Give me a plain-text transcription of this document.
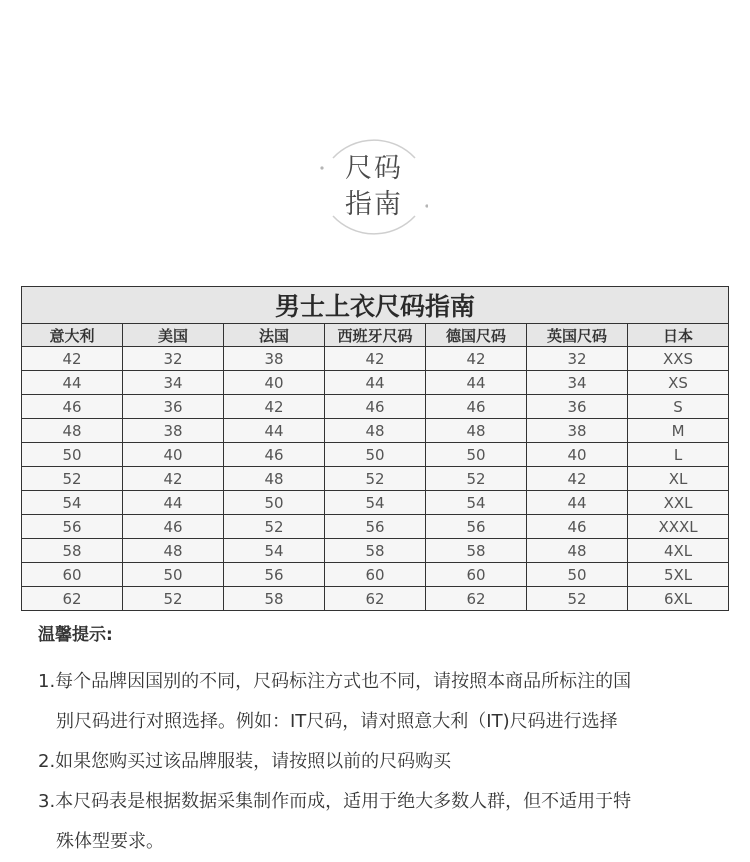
尺码
指南
男士上衣尺码指南						
意大利	美国	法国	西班牙尺码	德国尺码	英国尺码	日本
42	32	38	42	42	32	XXS
44	34	40	44	44	34	XS
46	36	42	46	46	36	S
48	38	44	48	48	38	M
50	40	46	50	50	40	L
52	42	48	52	52	42	XL
54	44	50	54	54	44	XXL
56	46	52	56	56	46	XXXL
58	48	54	58	58	48	4XL
60	50	56	60	60	50	5XL
62	52	58	62	62	52	6XL
温馨提示:
1.每个品牌因国别的不同，尺码标注方式也不同，请按照本商品所标注的国
别尺码进行对照选择。例如：IT尺码，请对照意大利（IT)尺码进行选择
2.如果您购买过该品牌服装，请按照以前的尺码购买
3.本尺码表是根据数据采集制作而成，适用于绝大多数人群，但不适用于特
殊体型要求。
